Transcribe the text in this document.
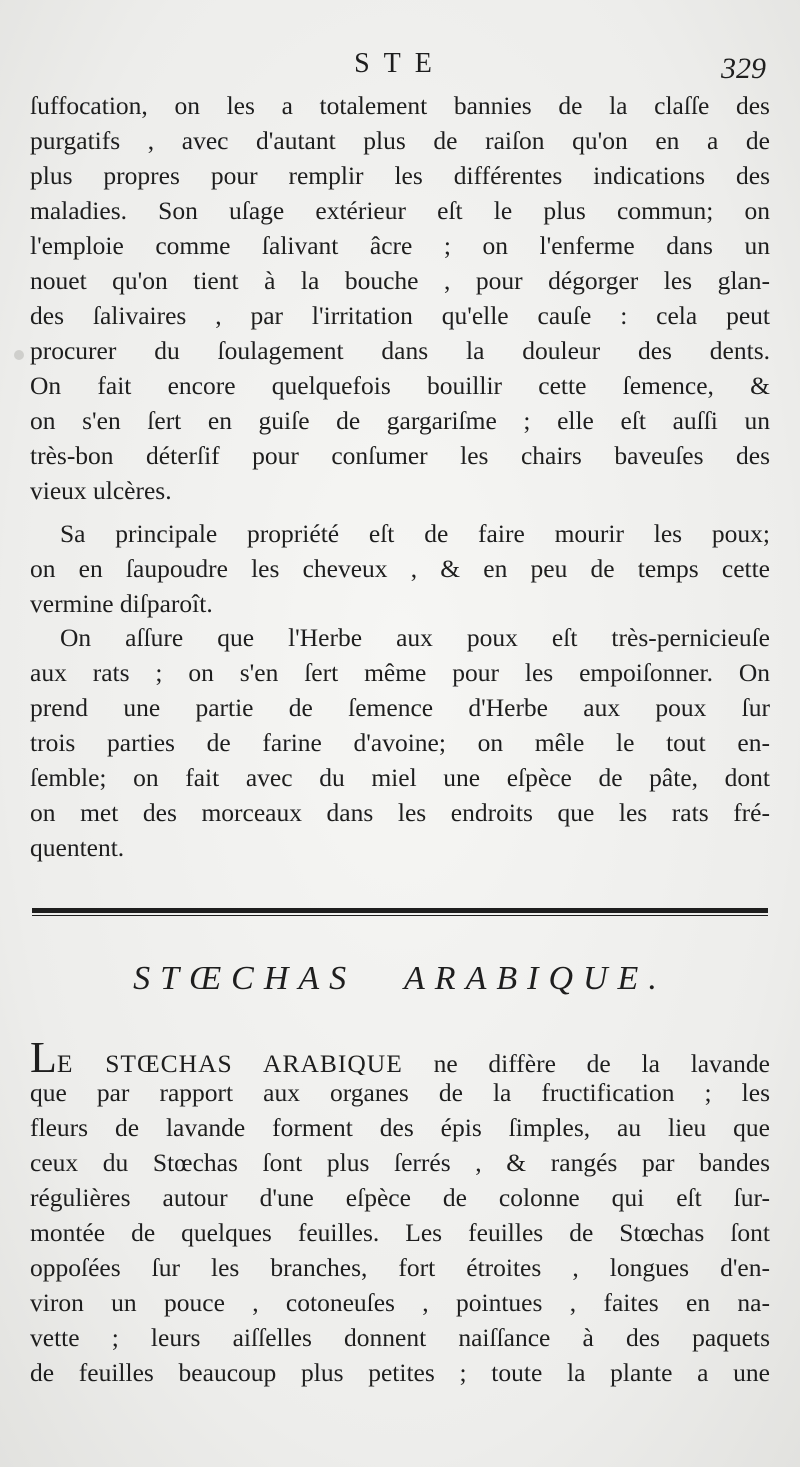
STE	329
ſuffocation, on les a totalement bannies de la claſſe des
purgatifs , avec d'autant plus de raiſon qu'on en a de
plus propres pour remplir les différentes indications des
maladies. Son uſage extérieur eſt le plus commun; on
l'emploie comme ſalivant âcre ; on l'enferme dans un
nouet qu'on tient à la bouche , pour dégorger les glan-
des ſalivaires , par l'irritation qu'elle cauſe : cela peut
procurer du ſoulagement dans la douleur des dents.
On fait encore quelquefois bouillir cette ſemence, &
on s'en ſert en guiſe de gargariſme ; elle eſt auſſi un
très-bon déterſif pour conſumer les chairs baveuſes des
vieux ulcères.
Sa principale propriété eſt de faire mourir les poux;
on en ſaupoudre les cheveux , & en peu de temps cette
vermine diſparoît.
On aſſure que l'Herbe aux poux eſt très-pernicieuſe
aux rats ; on s'en ſert même pour les empoiſonner. On
prend une partie de ſemence d'Herbe aux poux ſur
trois parties de farine d'avoine; on mêle le tout en-
ſemble; on fait avec du miel une eſpèce de pâte, dont
on met des morceaux dans les endroits que les rats fré-
quentent.
STŒCHAS ARABIQUE.
LE STŒCHAS ARABIQUE ne diffère de la lavande
que par rapport aux organes de la fructification ; les
fleurs de lavande forment des épis ſimples, au lieu que
ceux du Stœchas ſont plus ſerrés , & rangés par bandes
régulières autour d'une eſpèce de colonne qui eſt ſur-
montée de quelques feuilles. Les feuilles de Stœchas ſont
oppoſées ſur les branches, fort étroites , longues d'en-
viron un pouce , cotoneuſes , pointues , faites en na-
vette ; leurs aiſſelles donnent naiſſance à des paquets
de feuilles beaucoup plus petites ; toute la plante a une
